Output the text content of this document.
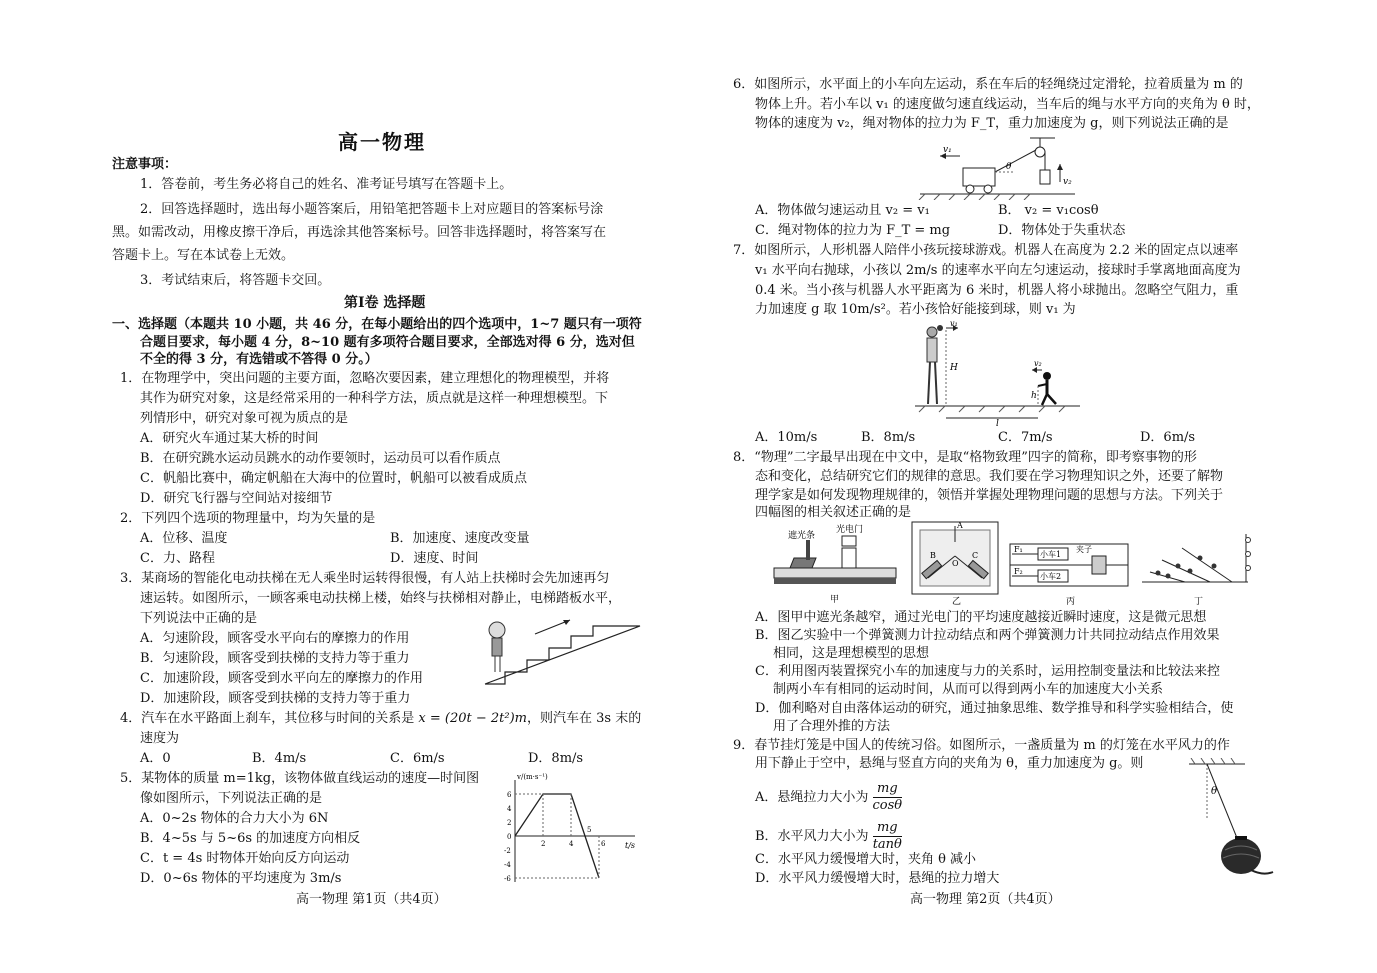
高一物理
注意事项：
1．答卷前，考生务必将自己的姓名、准考证号填写在答题卡上。
2．回答选择题时，选出每小题答案后，用铅笔把答题卡上对应题目的答案标号涂
黑。如需改动，用橡皮擦干净后，再选涂其他答案标号。回答非选择题时，将答案写在
答题卡上。写在本试卷上无效。
3．考试结束后，将答题卡交回。
第Ⅰ卷 选择题
一、选择题（本题共 10 小题，共 46 分，在每小题给出的四个选项中，1~7 题只有一项符
合题目要求，每小题 4 分，8~10 题有多项符合题目要求，全部选对得 6 分，选对但
不全的得 3 分，有选错或不答得 0 分。）
1．在物理学中，突出问题的主要方面，忽略次要因素，建立理想化的物理模型，并将
其作为研究对象，这是经常采用的一种科学方法，质点就是这样一种理想模型。下
列情形中，研究对象可视为质点的是
A．研究火车通过某大桥的时间
B．在研究跳水运动员跳水的动作要领时，运动员可以看作质点
C．帆船比赛中，确定帆船在大海中的位置时，帆船可以被看成质点
D．研究飞行器与空间站对接细节
2．下列四个选项的物理量中，均为矢量的是
A．位移、温度	B．加速度、速度改变量
C．力、路程	D．速度、时间
3．某商场的智能化电动扶梯在无人乘坐时运转得很慢，有人站上扶梯时会先加速再匀
速运转。如图所示，一顾客乘电动扶梯上楼，始终与扶梯相对静止，电梯踏板水平，
下列说法中正确的是
A．匀速阶段，顾客受水平向右的摩擦力的作用
B．匀速阶段，顾客受到扶梯的支持力等于重力
C．加速阶段，顾客受到水平向左的摩擦力的作用
D．加速阶段，顾客受到扶梯的支持力等于重力
4．汽车在水平路面上刹车，其位移与时间的关系是 x = (20t − 2t²)m，则汽车在 3s 末的
速度为
A．0	B．4m/s	C．6m/s	D．8m/s
5．某物体的质量 m=1kg，该物体做直线运动的速度—时间图
像如图所示，下列说法正确的是
A．0~2s 物体的合力大小为 6N
B．4~5s 与 5~6s 的加速度方向相反
C．t = 4s 时物体开始向反方向运动
D．0~6s 物体的平均速度为 3m/s
v/(m·s⁻¹)
t/s
6
4
2
0
-2
-4
-6
2	4
5
6
高一物理 第1页（共4页）
6．如图所示，水平面上的小车向左运动，系在车后的轻绳绕过定滑轮，拉着质量为 m 的
物体上升。若小车以 v₁ 的速度做匀速直线运动，当车后的绳与水平方向的夹角为 θ 时，
物体的速度为 v₂，绳对物体的拉力为 F_T，重力加速度为 g，则下列说法正确的是
A．物体做匀速运动且 v₂ = v₁	B． v₂ = v₁cosθ
C．绳对物体的拉力为 F_T = mg	D．物体处于失重状态
7．如图所示，人形机器人陪伴小孩玩接球游戏。机器人在高度为 2.2 米的固定点以速率
v₁ 水平向右抛球，小孩以 2m/s 的速率水平向左匀速运动，接球时手掌离地面高度为
0.4 米。当小孩与机器人水平距离为 6 米时，机器人将小球抛出。忽略空气阻力，重
力加速度 g 取 10m/s²。若小孩恰好能接到球，则 v₁ 为
A．10m/s	B．8m/s	C．7m/s	D．6m/s
8．“物理”二字最早出现在中文中，是取“格物致理”四字的简称，即考察事物的形
态和变化，总结研究它们的规律的意思。我们要在学习物理知识之外，还要了解物
理学家是如何发现物理规律的，领悟并掌握处理物理问题的思想与方法。下列关于
四幅图的相关叙述正确的是
A．图甲中遮光条越窄，通过光电门的平均速度越接近瞬时速度，这是微元思想
B．图乙实验中一个弹簧测力计拉动结点和两个弹簧测力计共同拉动结点作用效果
相同，这是理想模型的思想
C．利用图丙装置探究小车的加速度与力的关系时，运用控制变量法和比较法来控
制两小车有相同的运动时间，从而可以得到两小车的加速度大小关系
D．伽利略对自由落体运动的研究，通过抽象思维、数学推导和科学实验相结合，使
用了合理外推的方法
9．春节挂灯笼是中国人的传统习俗。如图所示，一盏质量为 m 的灯笼在水平风力的作
用下静止于空中，悬绳与竖直方向的夹角为 θ，重力加速度为 g。则
A．悬绳拉力大小为 $\frac{mg}{\cos\theta}$
B．水平风力大小为 $\frac{mg}{\tan\theta}$
C．水平风力缓慢增大时，夹角 θ 减小
D．水平风力缓慢增大时，悬绳的拉力增大
v₁
v₂
θ
H
h
l
v₁
v₂
遮光条
光电门
甲
A
B
O
C
乙
F₁
F₂
小车1
小车2
夹子
丙	丁
θ
高一物理 第2页（共4页）
